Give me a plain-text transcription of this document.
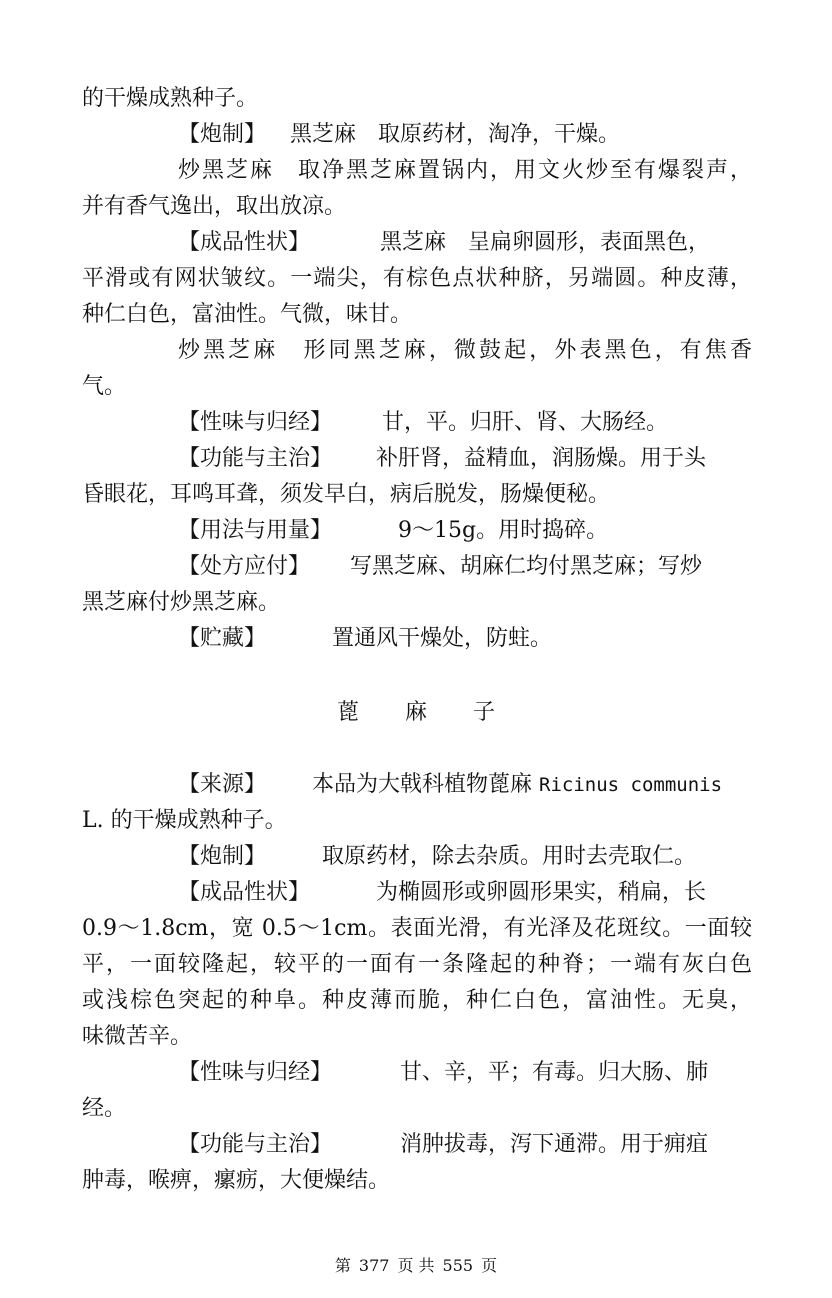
的干燥成熟种子。
【炮制】 黑芝麻　取原药材，淘净，干燥。
炒黑芝麻　取净黑芝麻置锅内，用文火炒至有爆裂声，
并有香气逸出，取出放凉。
【成品性状】	黑芝麻　呈扁卵圆形，表面黑色，
平滑或有网状皱纹。一端尖，有棕色点状种脐，另端圆。种皮薄，
种仁白色，富油性。气微，味甘。
炒黑芝麻　形同黑芝麻，微鼓起，外表黑色，有焦香
气。
【性味与归经】 甘，平。归肝、肾、大肠经。
【功能与主治】 补肝肾，益精血，润肠燥。用于头
昏眼花，耳鸣耳聋，须发早白，病后脱发，肠燥便秘。
【用法与用量】	9～15g。用时捣碎。
【处方应付】 写黑芝麻、胡麻仁均付黑芝麻；写炒
黑芝麻付炒黑芝麻。
【贮藏】	置通风干燥处，防蛀。
蓖 麻 子
【来源】 本品为大戟科植物蓖麻 Ricinus communis
L. 的干燥成熟种子。
【炮制】	取原药材，除去杂质。用时去壳取仁。
【成品性状】	为椭圆形或卵圆形果实，稍扁，长
0.9～1.8cm，宽 0.5～1cm。表面光滑，有光泽及花斑纹。一面较
平，一面较隆起，较平的一面有一条隆起的种脊；一端有灰白色
或浅棕色突起的种阜。种皮薄而脆，种仁白色，富油性。无臭，
味微苦辛。
【性味与归经】	甘、辛，平；有毒。归大肠、肺
经。
【功能与主治】	消肿拔毒，泻下通滞。用于痈疽
肿毒，喉痹，瘰疬，大便燥结。
第 377 页 共 555 页
